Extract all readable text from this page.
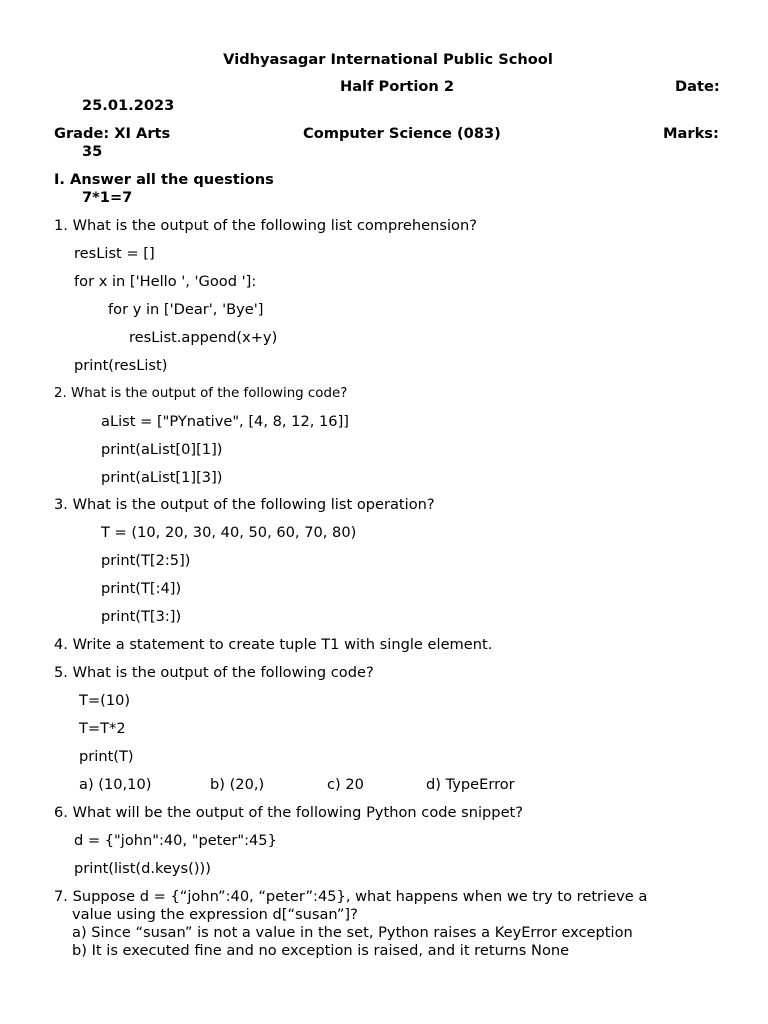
Vidhyasagar International Public School
Half Portion 2	Date:
25.01.2023
Grade: XI Arts	Computer Science (083)	Marks:
35
I. Answer all the questions
7*1=7
1. What is the output of the following list comprehension?
resList = []
for x in ['Hello ', 'Good ']:
for y in ['Dear', 'Bye']
resList.append(x+y)
print(resList)
2. What is the output of the following code?
aList = ["PYnative", [4, 8, 12, 16]]
print(aList[0][1])
print(aList[1][3])
3. What is the output of the following list operation?
T = (10, 20, 30, 40, 50, 60, 70, 80)
print(T[2:5])
print(T[:4])
print(T[3:])
4. Write a statement to create tuple T1 with single element.
5. What is the output of the following code?
T=(10)
T=T*2
print(T)

a) (10,10)

	b) (20,)

	c) 20

	d) TypeError

6. What will be the output of the following Python code snippet?
d = {"john":40, "peter":45}
print(list(d.keys()))
7. Suppose d = {“john”:40, “peter”:45}, what happens when we try to retrieve a
value using the expression d[“susan”]?
a) Since “susan” is not a value in the set, Python raises a KeyError exception
b) It is executed fine and no exception is raised, and it returns None
